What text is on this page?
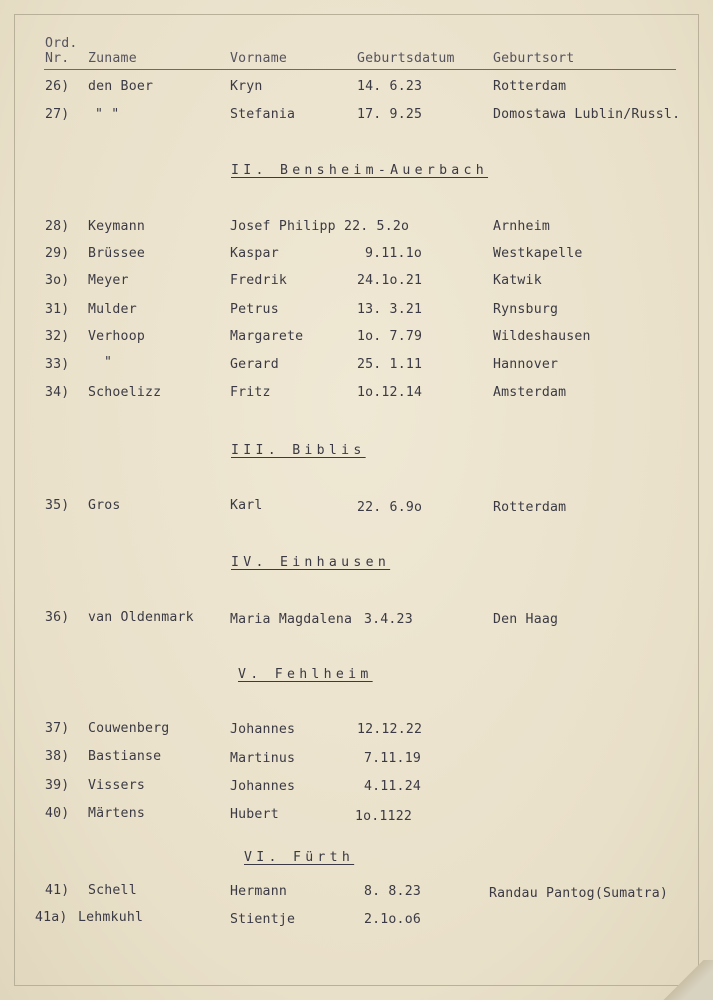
Ord.
Nr. Zuname	Vorname	Geburtsdatum	Geburtsort
26) den Boer	Kryn	14. 6.23	Rotterdam
27) " "	Stefania	17. 9.25	Domostawa Lublin/Russl.
II. Bensheim-Auerbach
28) Keymann	Josef Philipp 22. 5.2o	Arnheim
29) Brüssee	Kaspar	9.11.1o	Westkapelle
3o) Meyer	Fredrik	24.1o.21	Katwik
31) Mulder	Petrus	13. 3.21	Rynsburg
32) Verhoop	Margarete	1o. 7.79	Wildeshausen
33)	"	Gerard	25. 1.11	Hannover
34) Schoelizz	Fritz	1o.12.14	Amsterdam
III. Biblis
35) Gros	Karl	22. 6.9o	Rotterdam
IV. Einhausen
36) van Oldenmark	Maria Magdalena 3.4.23	Den Haag
V. Fehlheim
37) Couwenberg	Johannes	12.12.22
38) Bastianse	Martinus	7.11.19
39) Vissers	Johannes	4.11.24
40) Märtens	Hubert	1o.1122
VI. Fürth
41) Schell	Hermann	8. 8.23	Randau Pantog(Sumatra)
41a) Lehmkuhl	Stientje	2.1o.o6
